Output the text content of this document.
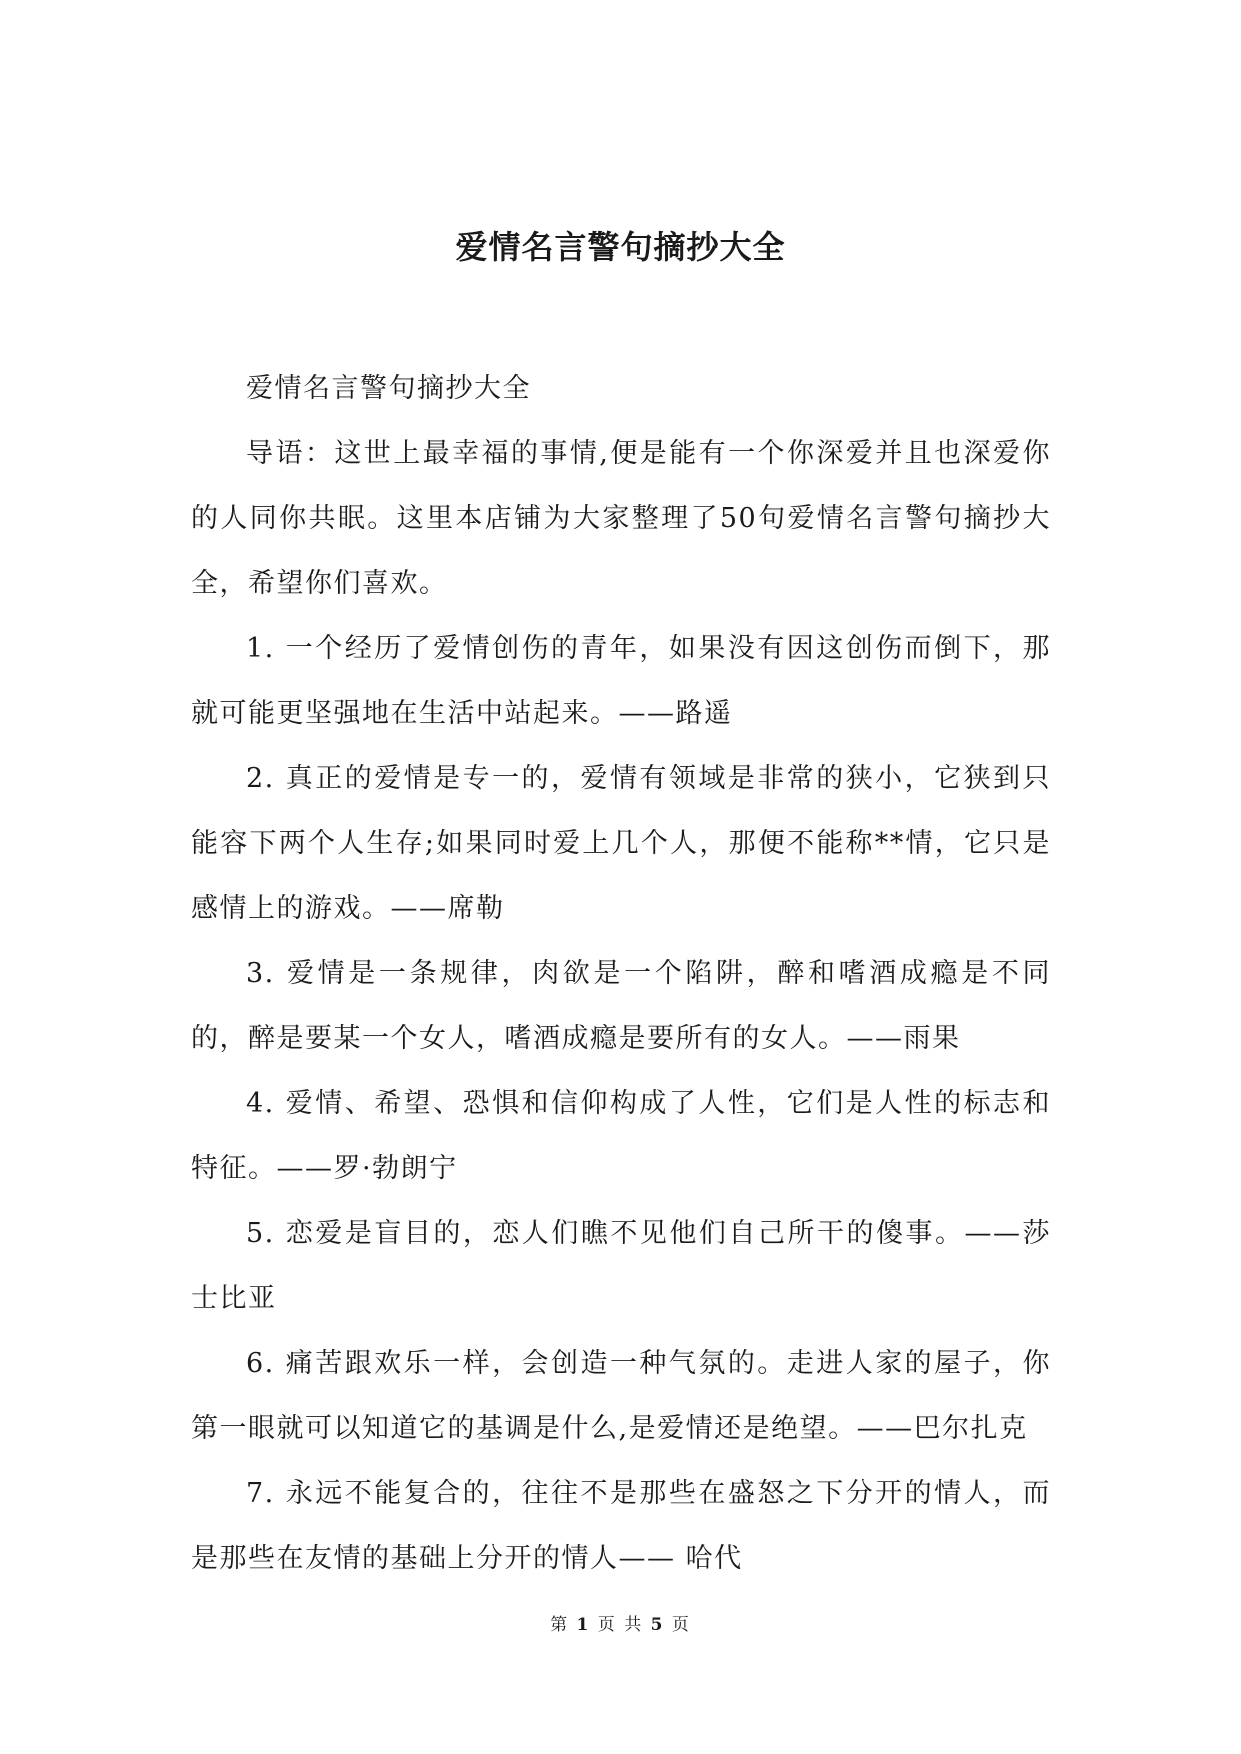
爱情名言警句摘抄大全

爱情名言警句摘抄大全

导语：这世上最幸福的事情,便是能有一个你深爱并且也深爱你的人同你共眠。这里本店铺为大家整理了50句爱情名言警句摘抄大全，希望你们喜欢。

1. 一个经历了爱情创伤的青年，如果没有因这创伤而倒下，那就可能更坚强地在生活中站起来。——路遥

2. 真正的爱情是专一的，爱情有领域是非常的狭小，它狭到只能容下两个人生存;如果同时爱上几个人，那便不能称**情，它只是感情上的游戏。——席勒

3. 爱情是一条规律，肉欲是一个陷阱，醉和嗜酒成瘾是不同的，醉是要某一个女人，嗜酒成瘾是要所有的女人。——雨果

4. 爱情、希望、恐惧和信仰构成了人性，它们是人性的标志和特征。——罗·勃朗宁

5. 恋爱是盲目的，恋人们瞧不见他们自己所干的傻事。——莎士比亚

6. 痛苦跟欢乐一样，会创造一种气氛的。走进人家的屋子，你第一眼就可以知道它的基调是什么,是爱情还是绝望。——巴尔扎克

7. 永远不能复合的，往往不是那些在盛怒之下分开的情人，而是那些在友情的基础上分开的情人—— 哈代

第 1 页 共 5 页
